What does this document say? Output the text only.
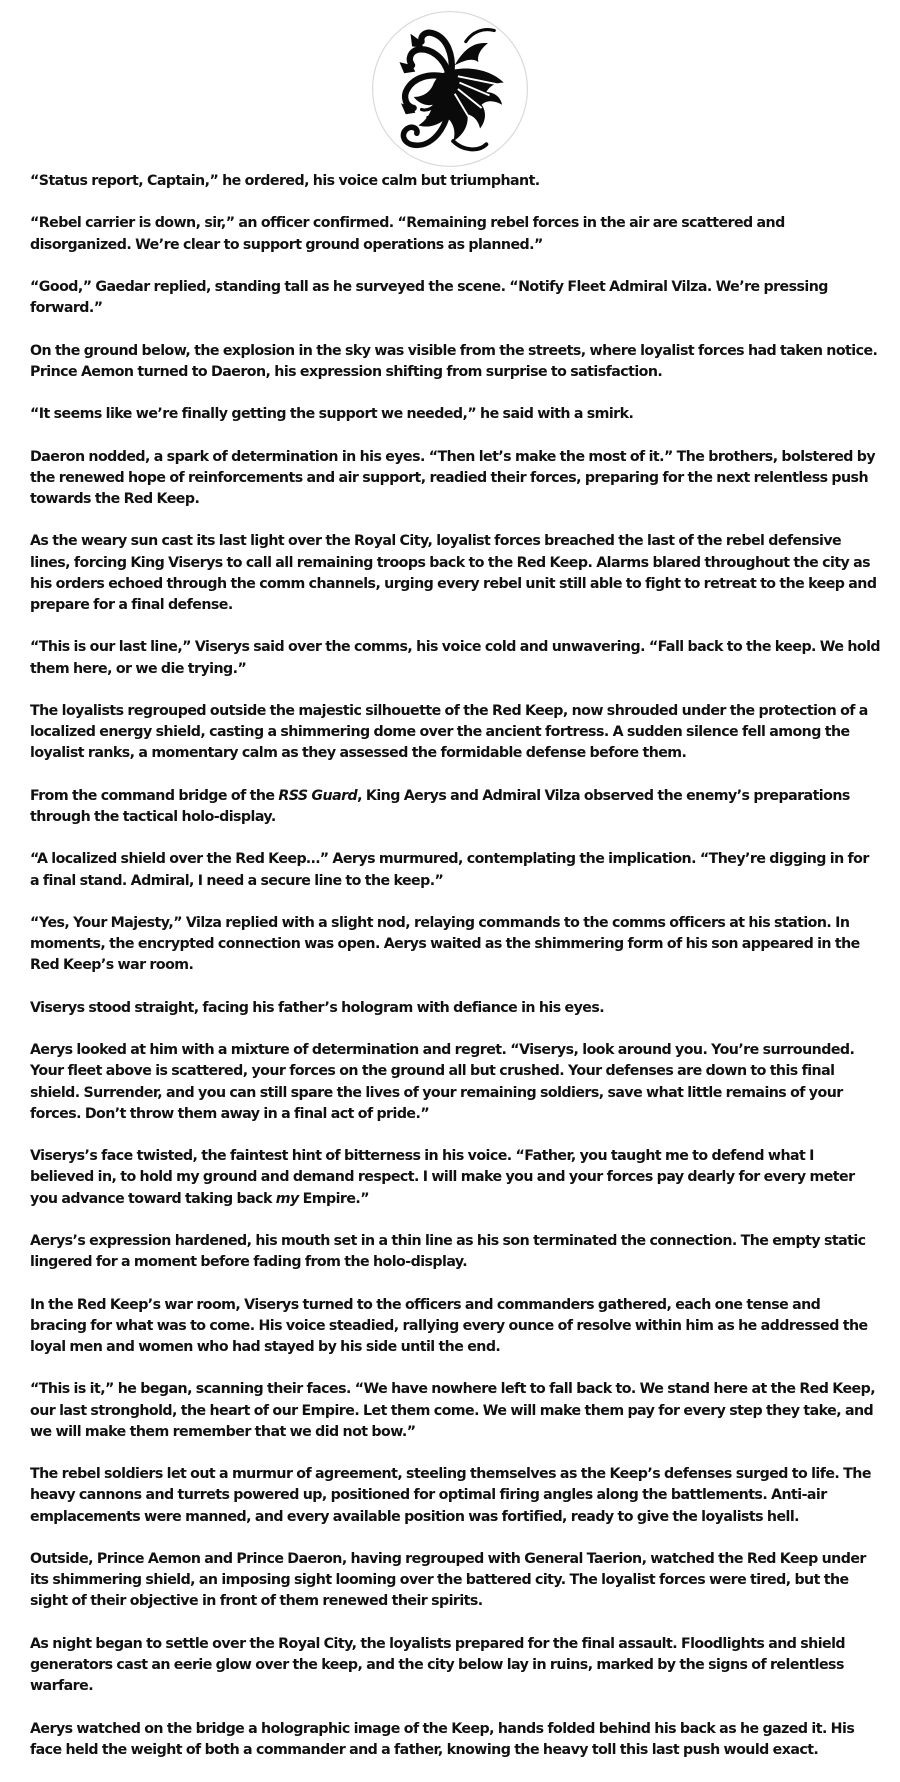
“Status report, Captain,” he ordered, his voice calm but triumphant.

“Rebel carrier is down, sir,” an officer confirmed. “Remaining rebel forces in the air are scattered and disorganized. We’re clear to support ground operations as planned.”

“Good,” Gaedar replied, standing tall as he surveyed the scene. “Notify Fleet Admiral Vilza. We’re pressing forward.”

On the ground below, the explosion in the sky was visible from the streets, where loyalist forces had taken notice. Prince Aemon turned to Daeron, his expression shifting from surprise to satisfaction.

“It seems like we’re finally getting the support we needed,” he said with a smirk.

Daeron nodded, a spark of determination in his eyes. “Then let’s make the most of it.” The brothers, bolstered by the renewed hope of reinforcements and air support, readied their forces, preparing for the next relentless push towards the Red Keep.

As the weary sun cast its last light over the Royal City, loyalist forces breached the last of the rebel defensive lines, forcing King Viserys to call all remaining troops back to the Red Keep. Alarms blared throughout the city as his orders echoed through the comm channels, urging every rebel unit still able to fight to retreat to the keep and prepare for a final defense.

“This is our last line,” Viserys said over the comms, his voice cold and unwavering. “Fall back to the keep. We hold them here, or we die trying.”

The loyalists regrouped outside the majestic silhouette of the Red Keep, now shrouded under the protection of a localized energy shield, casting a shimmering dome over the ancient fortress. A sudden silence fell among the loyalist ranks, a momentary calm as they assessed the formidable defense before them.

From the command bridge of the RSS Guard, King Aerys and Admiral Vilza observed the enemy’s preparations through the tactical holo-display.

“A localized shield over the Red Keep…” Aerys murmured, contemplating the implication. “They’re digging in for a final stand. Admiral, I need a secure line to the keep.”

“Yes, Your Majesty,” Vilza replied with a slight nod, relaying commands to the comms officers at his station. In moments, the encrypted connection was open. Aerys waited as the shimmering form of his son appeared in the Red Keep’s war room.

Viserys stood straight, facing his father’s hologram with defiance in his eyes.

Aerys looked at him with a mixture of determination and regret. “Viserys, look around you. You’re surrounded. Your fleet above is scattered, your forces on the ground all but crushed. Your defenses are down to this final shield. Surrender, and you can still spare the lives of your remaining soldiers, save what little remains of your forces. Don’t throw them away in a final act of pride.”

Viserys’s face twisted, the faintest hint of bitterness in his voice. “Father, you taught me to defend what I believed in, to hold my ground and demand respect. I will make you and your forces pay dearly for every meter you advance toward taking back my Empire.”

Aerys’s expression hardened, his mouth set in a thin line as his son terminated the connection. The empty static lingered for a moment before fading from the holo-display.

In the Red Keep’s war room, Viserys turned to the officers and commanders gathered, each one tense and bracing for what was to come. His voice steadied, rallying every ounce of resolve within him as he addressed the loyal men and women who had stayed by his side until the end.

“This is it,” he began, scanning their faces. “We have nowhere left to fall back to. We stand here at the Red Keep, our last stronghold, the heart of our Empire. Let them come. We will make them pay for every step they take, and we will make them remember that we did not bow.”

The rebel soldiers let out a murmur of agreement, steeling themselves as the Keep’s defenses surged to life. The heavy cannons and turrets powered up, positioned for optimal firing angles along the battlements. Anti-air emplacements were manned, and every available position was fortified, ready to give the loyalists hell.

Outside, Prince Aemon and Prince Daeron, having regrouped with General Taerion, watched the Red Keep under its shimmering shield, an imposing sight looming over the battered city. The loyalist forces were tired, but the sight of their objective in front of them renewed their spirits.

As night began to settle over the Royal City, the loyalists prepared for the final assault. Floodlights and shield generators cast an eerie glow over the keep, and the city below lay in ruins, marked by the signs of relentless warfare.

Aerys watched on the bridge a holographic image of the Keep, hands folded behind his back as he gazed it. His face held the weight of both a commander and a father, knowing the heavy toll this last push would exact.
